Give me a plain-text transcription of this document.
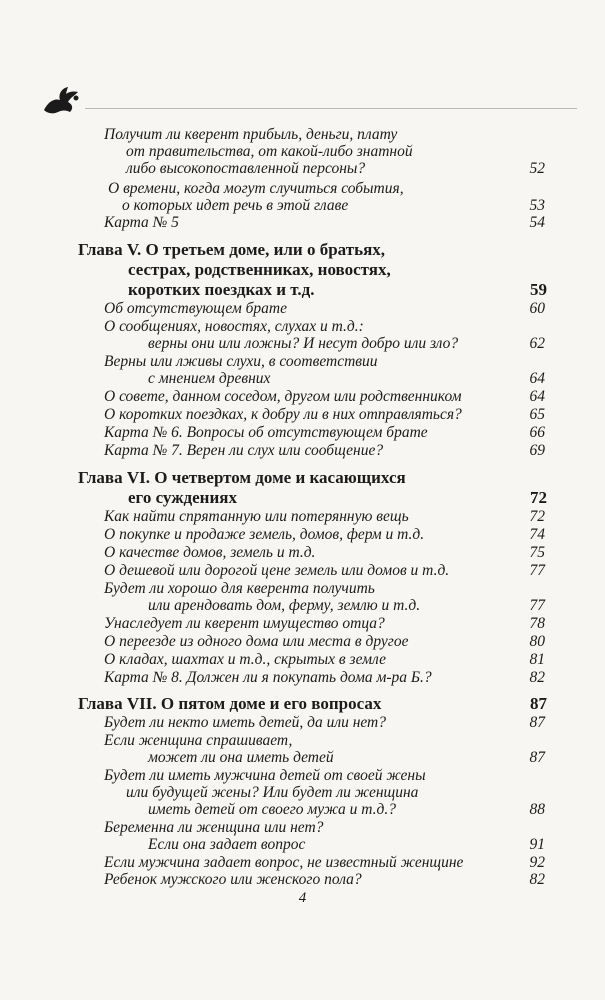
Получит ли кверент прибыль, деньги, плату
от правительства, от какой-либо знатной
либо высокопоставленной персоны?	52
О времени, когда могут случиться события,
о которых идет речь в этой главе	53
Карта № 5	54
Глава V. О третьем доме, или о братьях,
сестрах, родственниках, новостях,
коротких поездках и т.д.	59
Об отсутствующем брате	60
О сообщениях, новостях, слухах и т.д.:
верны они или ложны? И несут добро или зло?	62
Верны или лживы слухи, в соответствии
с мнением древних	64
О совете, данном соседом, другом или родственником	64
О коротких поездках, к добру ли в них отправляться?	65
Карта № 6. Вопросы об отсутствующем брате	66
Карта № 7. Верен ли слух или сообщение?	69
Глава VI. О четвертом доме и касающихся
его суждениях	72
Как найти спрятанную или потерянную вещь	72
О покупке и продаже земель, домов, ферм и т.д.	74
О качестве домов, земель и т.д.	75
О дешевой или дорогой цене земель или домов и т.д.	77
Будет ли хорошо для кверента получить
или арендовать дом, ферму, землю и т.д.	77
Унаследует ли кверент имущество отца?	78
О переезде из одного дома или места в другое	80
О кладах, шахтах и т.д., скрытых в земле	81
Карта № 8. Должен ли я покупать дома м-ра Б.?	82
Глава VII. О пятом доме и его вопросах	87
Будет ли некто иметь детей, да или нет?	87
Если женщина спрашивает,
может ли она иметь детей	87
Будет ли иметь мужчина детей от своей жены
или будущей жены? Или будет ли женщина
иметь детей от своего мужа и т.д.?	88
Беременна ли женщина или нет?
Если она задает вопрос	91
Если мужчина задает вопрос, не известный женщине	92
Ребенок мужского или женского пола?	82
4
